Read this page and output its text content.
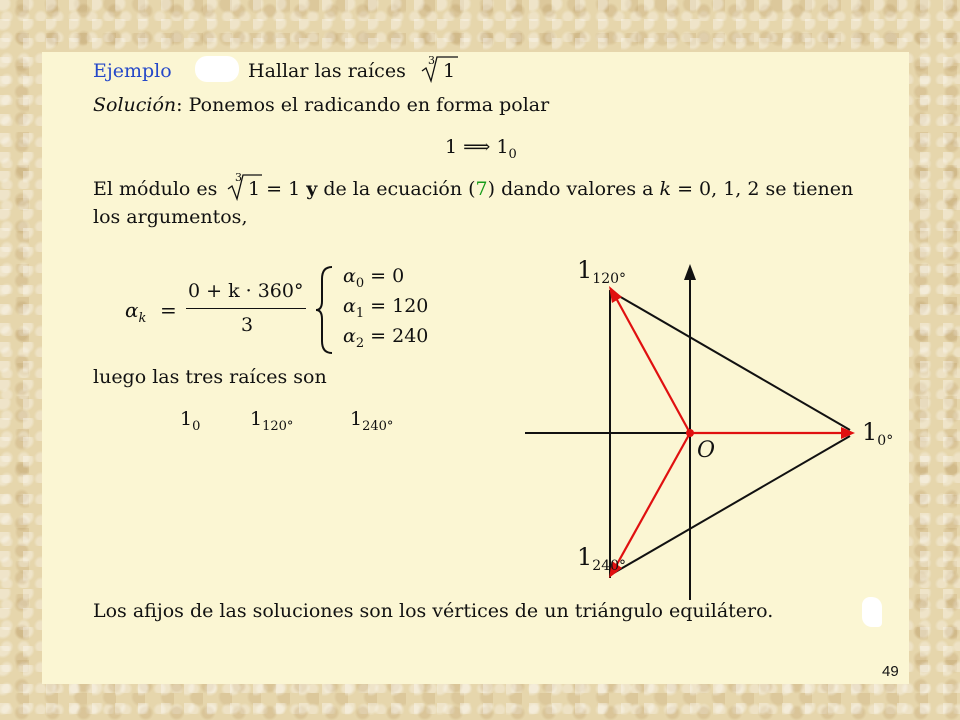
Ejemplo	Hallar las raíces 3 1
Solución: Ponemos el radicando en forma polar
1 ⟹ $1_0$
El módulo es
3
1 = 1 y de la ecuación (7) dando valores a k = 0, 1, 2 se tienen
los argumentos,
$\alpha_k$ =
0 + k · 360°
3
$\alpha_0 = 0$
$\alpha_1 = 120$
$\alpha_2 = 240$
luego las tres raíces son
$1_0$	$1_{120^\circ}$	$1_{240^\circ}$
$1_{120^\circ}$
$1_{0^\circ}$
$1_{240^\circ}$
O
Los afijos de las soluciones son los vértices de un triángulo equilátero.
49
